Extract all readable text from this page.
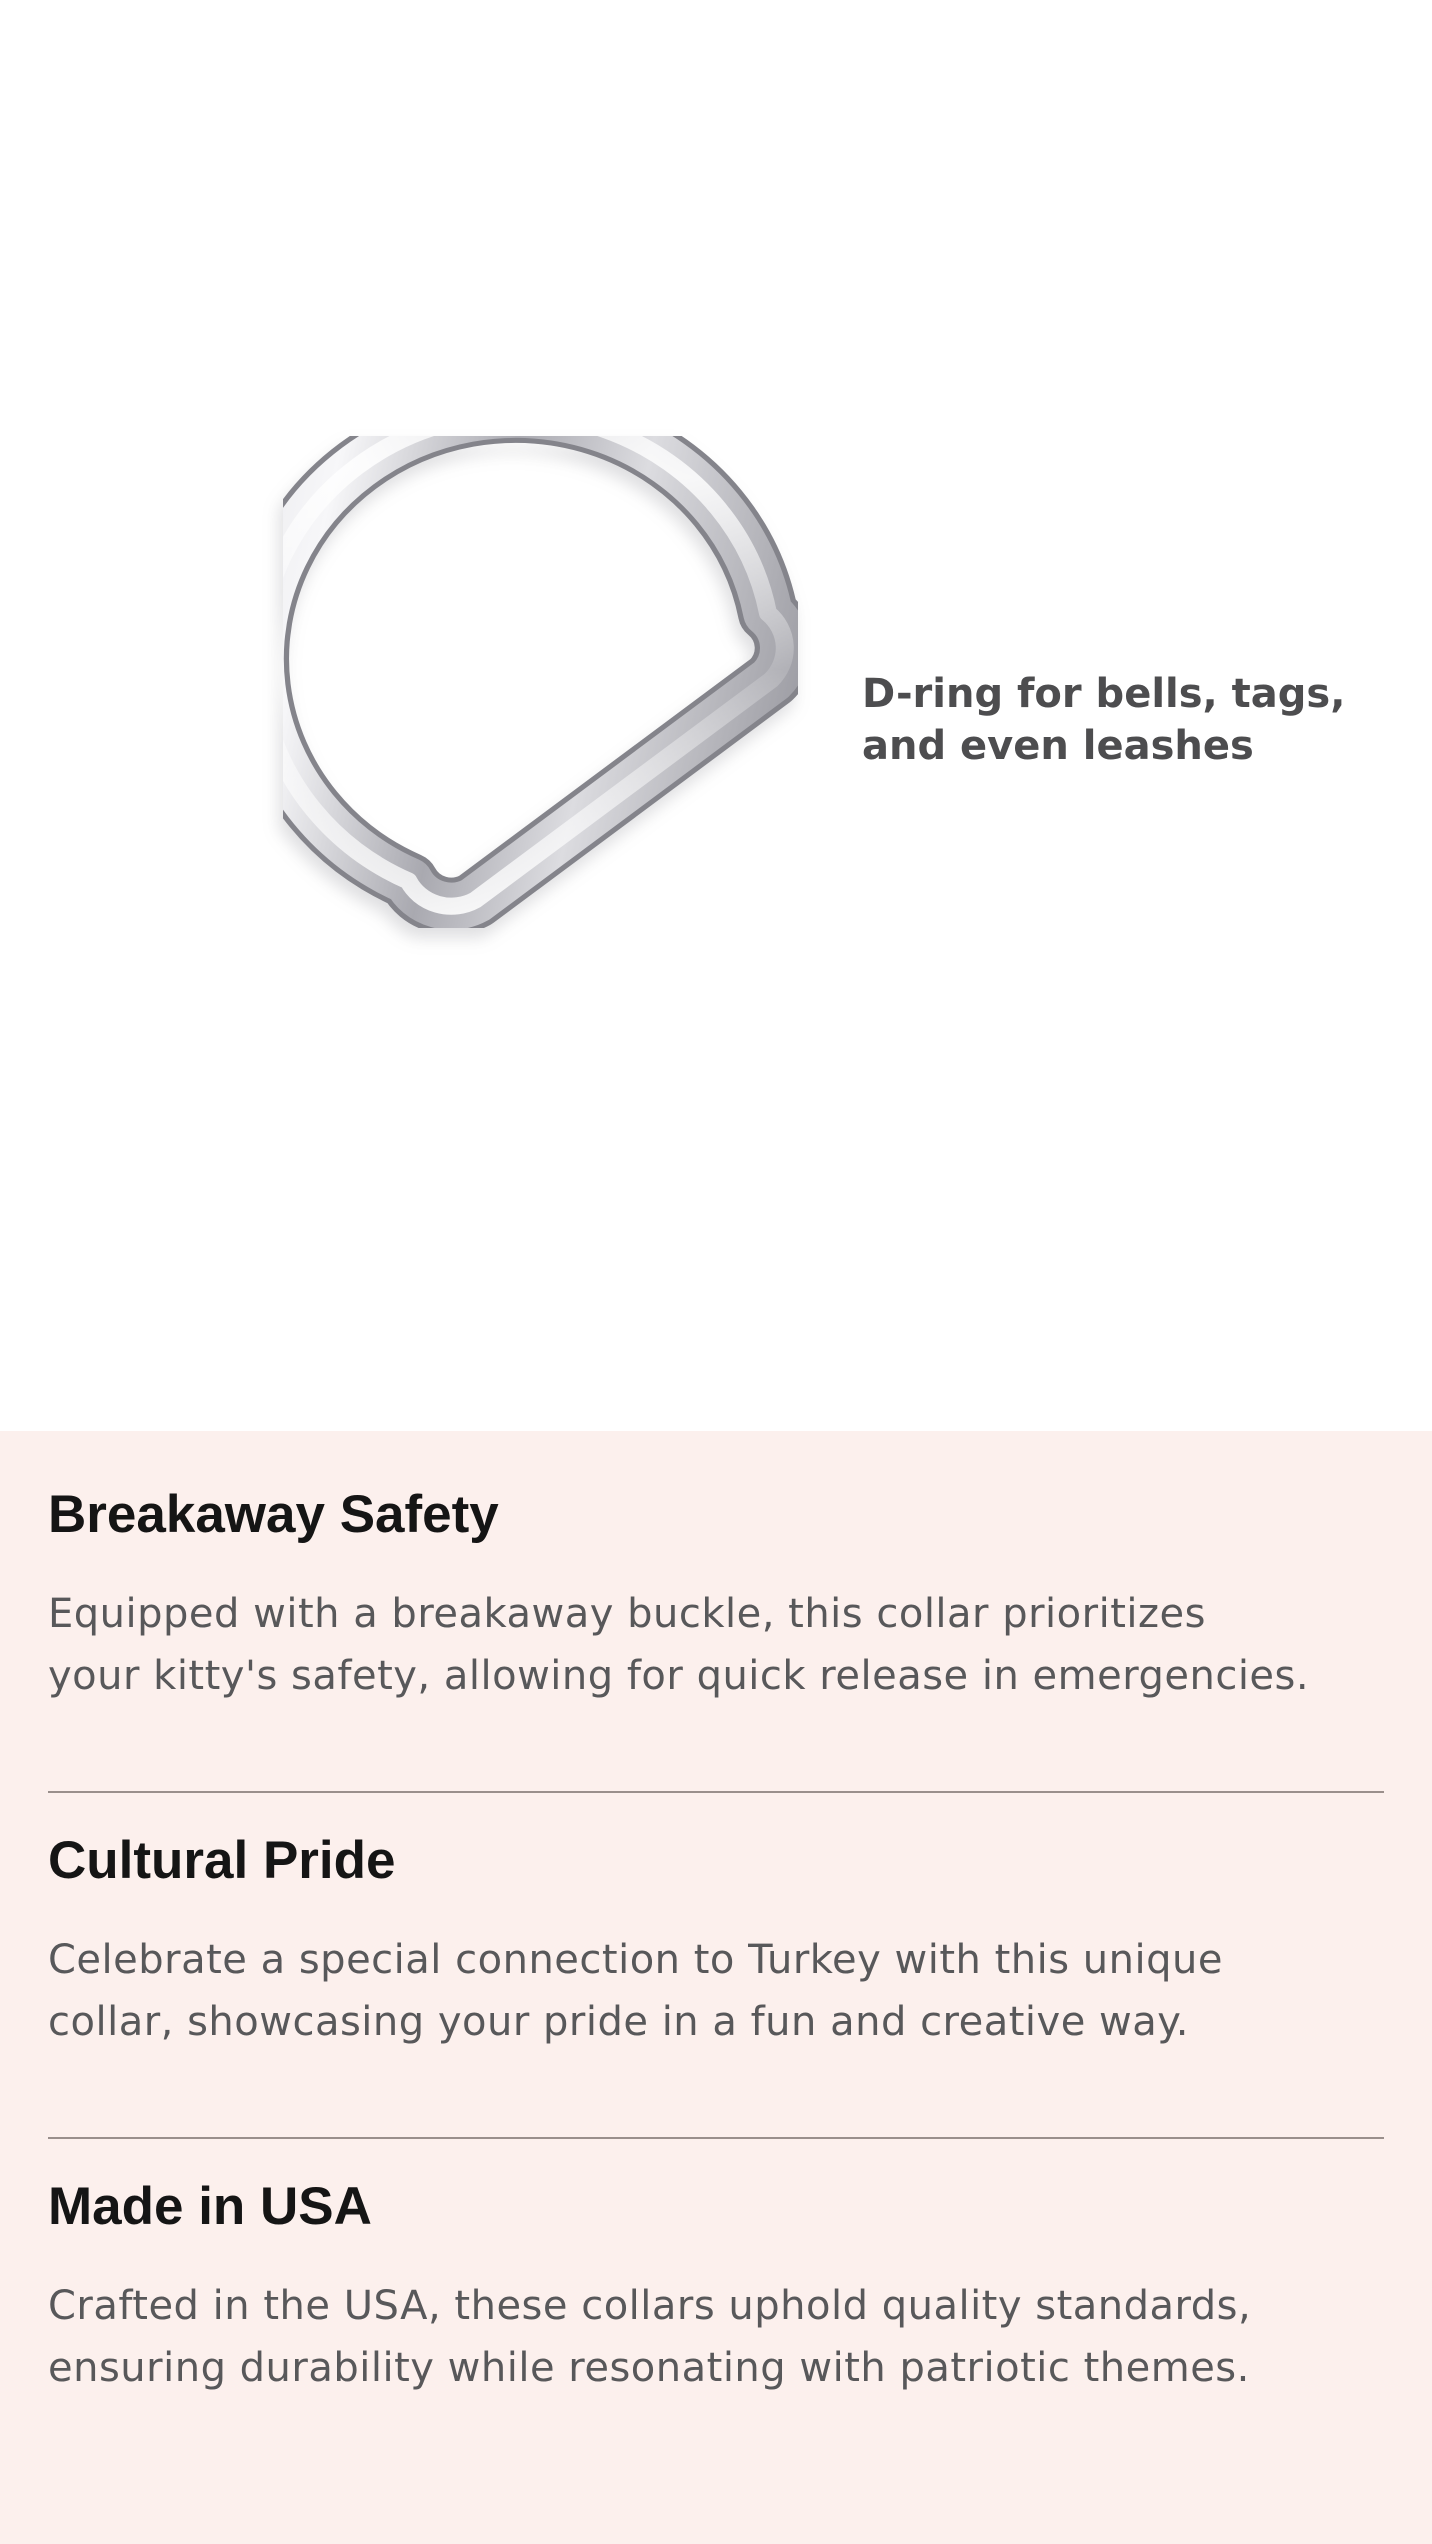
D-ring for bells, tags,
and even leashes
Breakaway Safety

Equipped with a breakaway buckle, this collar prioritizes
your kitty's safety, allowing for quick release in emergencies.

Cultural Pride

Celebrate a special connection to Turkey with this unique
collar, showcasing your pride in a fun and creative way.

Made in USA

Crafted in the USA, these collars uphold quality standards,
ensuring durability while resonating with patriotic themes.
